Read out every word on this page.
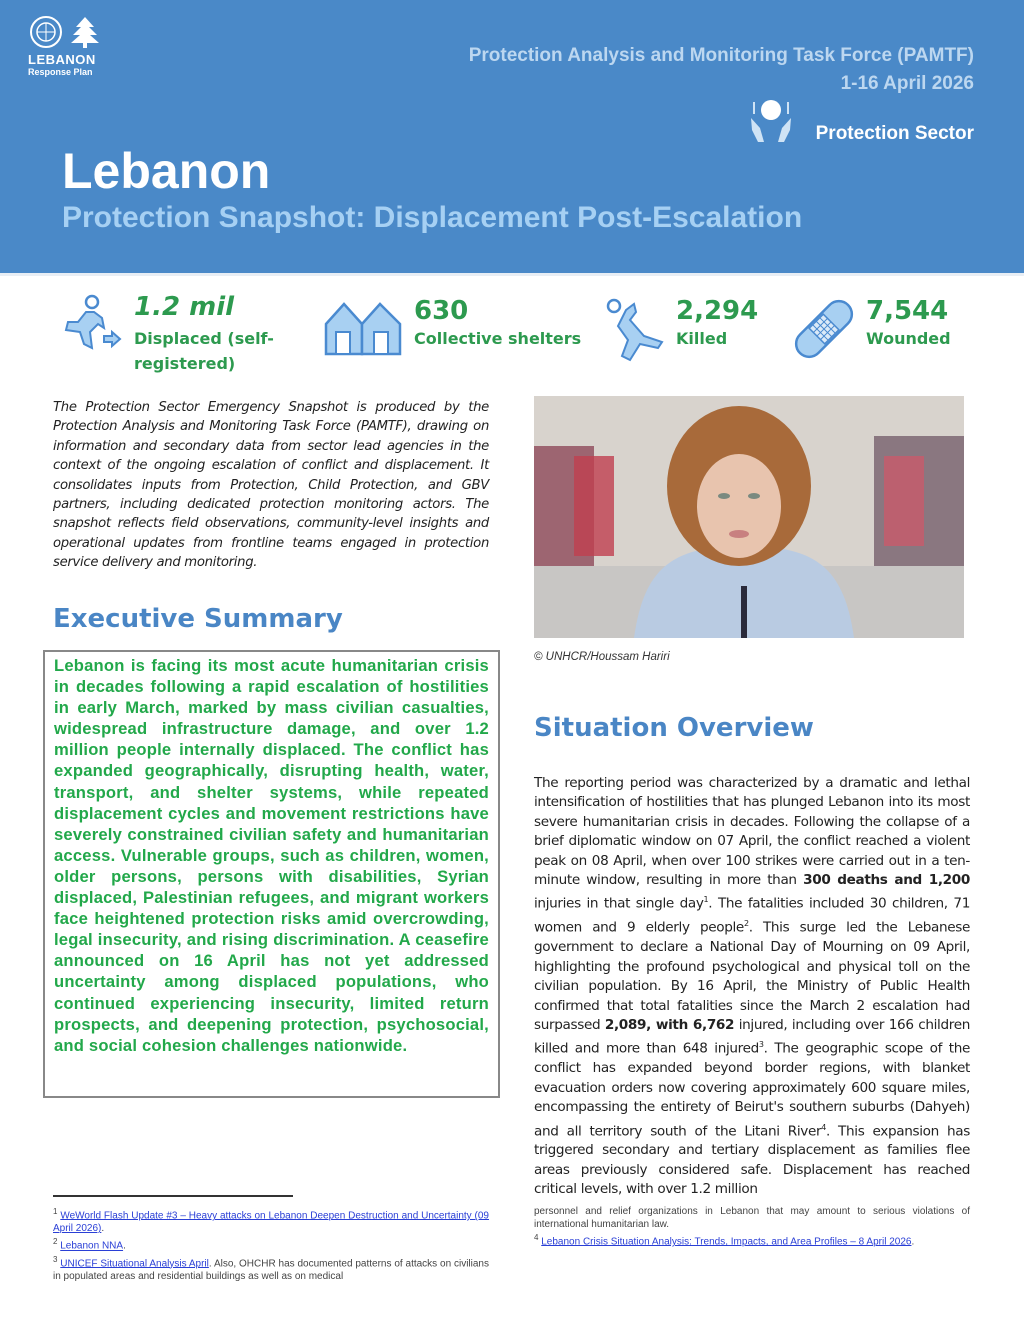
LEBANON
Response Plan
Protection Analysis and Monitoring Task Force (PAMTF)
1-16 April 2026
Protection Sector
Lebanon
Protection Snapshot: Displacement Post-Escalation
1.2 mil
Displaced (self-registered)
630
Collective shelters
2,294
Killed
7,544
Wounded
The Protection Sector Emergency Snapshot is produced by the Protection Analysis and Monitoring Task Force (PAMTF), drawing on information and secondary data from sector lead agencies in the context of the ongoing escalation of conflict and displacement. It consolidates inputs from Protection, Child Protection, and GBV partners, including dedicated protection monitoring actors. The snapshot reflects field observations, community-level insights and operational updates from frontline teams engaged in protection service delivery and monitoring.
Executive Summary
Lebanon is facing its most acute humanitarian crisis in decades following a rapid escalation of hostilities in early March, marked by mass civilian casualties, widespread infrastructure damage, and over 1.2 million people internally displaced. The conflict has expanded geographically, disrupting health, water, transport, and shelter systems, while repeated displacement cycles and movement restrictions have severely constrained civilian safety and humanitarian access. Vulnerable groups, such as children, women, older persons, persons with disabilities, Syrian displaced, Palestinian refugees, and migrant workers face heightened protection risks amid overcrowding, legal insecurity, and rising discrimination. A ceasefire announced on 16 April has not yet addressed uncertainty among displaced populations, who continued experiencing insecurity, limited return prospects, and deepening protection, psychosocial, and social cohesion challenges nationwide.
© UNHCR/Houssam Hariri
Situation Overview
The reporting period was characterized by a dramatic and lethal intensification of hostilities that has plunged Lebanon into its most severe humanitarian crisis in decades. Following the collapse of a brief diplomatic window on 07 April, the conflict reached a violent peak on 08 April, when over 100 strikes were carried out in a ten-minute window, resulting in more than 300 deaths and 1,200 injuries in that single day$^1$. The fatalities included 30 children, 71 women and 9 elderly people$^2$. This surge led the Lebanese government to declare a National Day of Mourning on 09 April, highlighting the profound psychological and physical toll on the civilian population. By 16 April, the Ministry of Public Health confirmed that total fatalities since the March 2 escalation had surpassed 2,089, with 6,762 injured, including over 166 children killed and more than 648 injured$^3$. The geographic scope of the conflict has expanded beyond border regions, with blanket evacuation orders now covering approximately 600 square miles, encompassing the entirety of Beirut's southern suburbs (Dahyeh) and all territory south of the Litani River$^4$. This expansion has triggered secondary and tertiary displacement as families flee areas previously considered safe. Displacement has reached critical levels, with over 1.2 million
$^1$ WeWorld Flash Update #3 – Heavy attacks on Lebanon Deepen Destruction and Uncertainty (09 April 2026).
$^2$ Lebanon NNA.
$^3$ UNICEF Situational Analysis April. Also, OHCHR has documented patterns of attacks on civilians in populated areas and residential buildings as well as on medical
personnel and relief organizations in Lebanon that may amount to serious violations of international humanitarian law.
$^4$ Lebanon Crisis Situation Analysis: Trends, Impacts, and Area Profiles – 8 April 2026.
